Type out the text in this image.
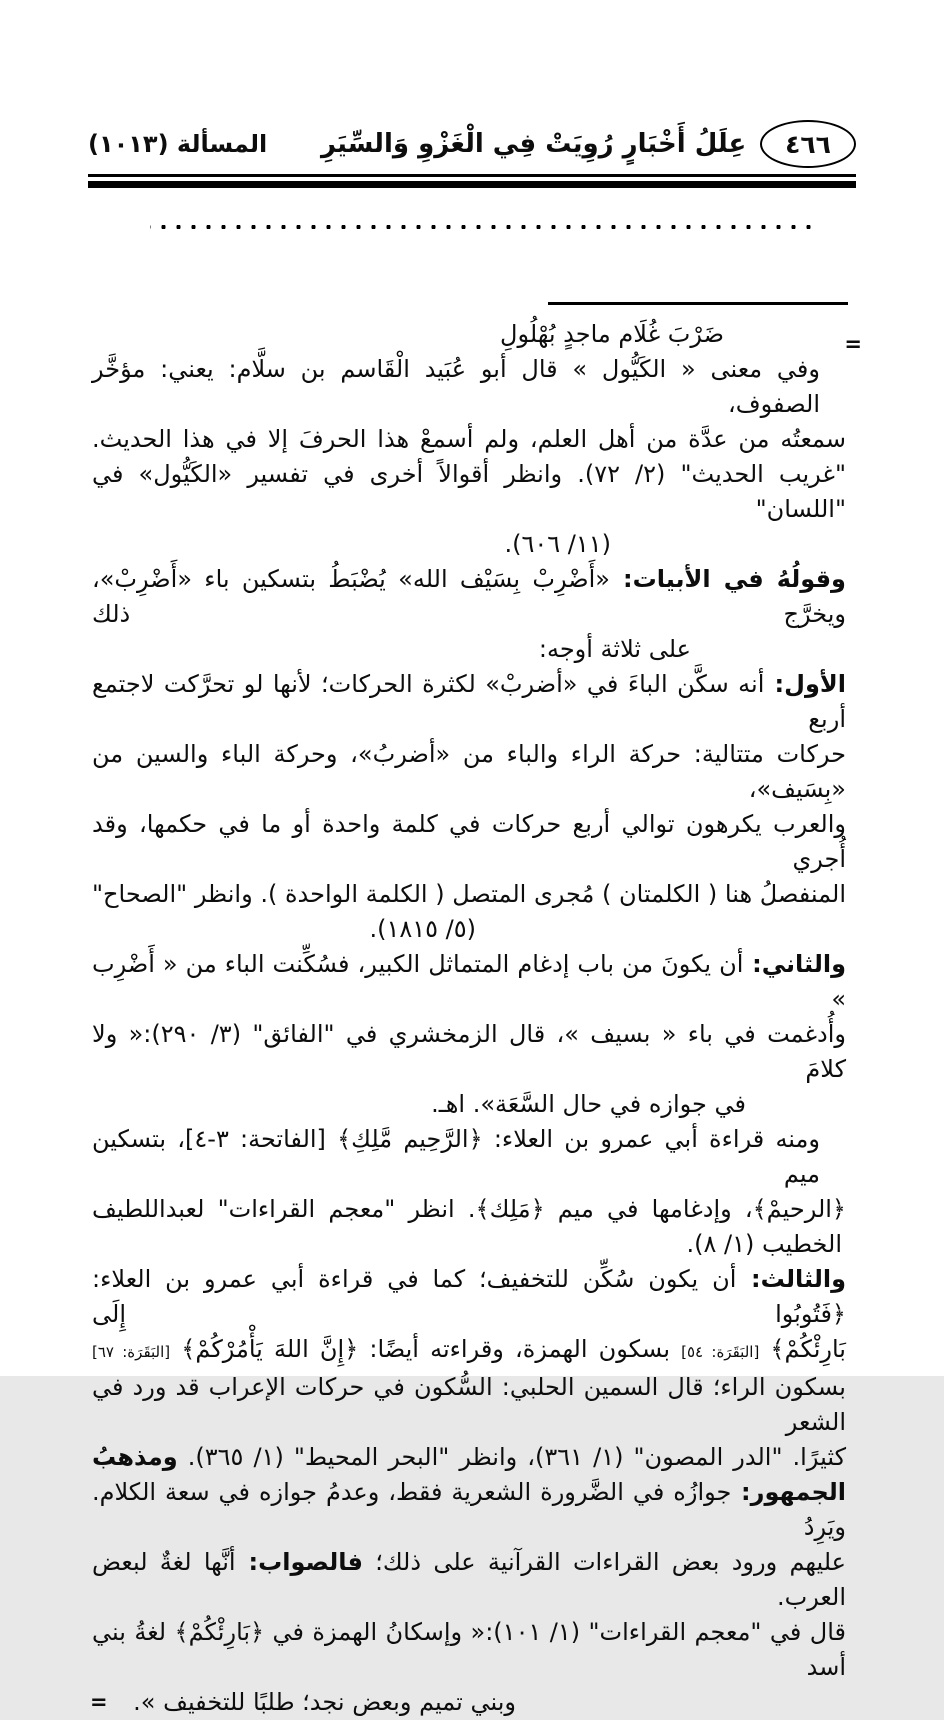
٤٦٦
عِلَلُ أَخْبَارٍ رُوِيَتْ فِي الْغَزْوِ وَالسِّيَرِ
المسألة (١٠١٣)
=
=
ضَرْبَ غُلَام ماجدٍ بُهْلُولِ
وفي معنى « الكَيُّول » قال أبو عُبَيد الْقَاسم بن سلَّام: يعني: مؤخَّر الصفوف،
سمعتُه من عدَّة من أهل العلم، ولم أسمعْ هذا الحرفَ إلا في هذا الحديث.
"غريب الحديث" (٢/ ٧٢). وانظر أقوالاً أخرى في تفسير «الكَيُّول» في "اللسان"
(١١/ ٦٠٦).
وقولُهُ في الأبيات: «أَضْرِبْ بِسَيْف الله» يُضْبَطُ بتسكين باء «أَضْرِبْ»، ويخرَّج ذلك
على ثلاثة أوجه:
الأول: أنه سكَّن الباءَ في «أضربْ» لكثرة الحركات؛ لأنها لو تحرَّكت لاجتمع أربع
حركات متتالية: حركة الراء والباء من «أضربُ»، وحركة الباء والسين من «بِسَيف»،
والعرب يكرهون توالي أربع حركات في كلمة واحدة أو ما في حكمها، وقد أُجري
المنفصلُ هنا ( الكلمتان ) مُجرى المتصل ( الكلمة الواحدة ). وانظر "الصحاح"
(٥/ ١٨١٥).
والثاني: أن يكونَ من باب إدغام المتماثل الكبير، فسُكِّنت الباء من « أَضْرِب »
وأُدغمت في باء « بسيف »، قال الزمخشري في "الفائق" (٣/ ٢٩٠):« ولا كلامَ
في جوازه في حال السَّعَة». اهـ.
ومنه قراءة أبي عمرو بن العلاء: ﴿الرَّحِيم مَّلِكِ﴾ [الفاتحة: ٣-٤]، بتسكين ميم
﴿الرحيمْ﴾، وإدغامها في ميم ﴿مَلِك﴾. انظر "معجم القراءات" لعبداللطيف
الخطيب (١/ ٨).
والثالث: أن يكون سُكِّن للتخفيف؛ كما في قراءة أبي عمرو بن العلاء: ﴿فَتُوبُوا إِلَى
بَارِئْكُمْ﴾ [البَقَرَة: ٥٤] بسكون الهمزة، وقراءته أيضًا: ﴿إِنَّ اللهَ يَأْمُرْكُمْ﴾ [البَقَرَة: ٦٧]
بسكون الراء؛ قال السمين الحلبي: السُّكون في حركات الإعراب قد ورد في الشعر
كثيرًا. "الدر المصون" (١/ ٣٦١)، وانظر "البحر المحيط" (١/ ٣٦٥). ومذهبُ
الجمهور: جوازُه في الضَّرورة الشعرية فقط، وعدمُ جوازه في سعة الكلام. ويَرِدُ
عليهم ورود بعض القراءات القرآنية على ذلك؛ فالصواب: أنَّها لغةٌ لبعض العرب.
قال في "معجم القراءات" (١/ ١٠١):« وإسكانُ الهمزة في ﴿بَارِئْكُمْ﴾ لغةُ بني أسد
وبني تميم وبعض نجد؛ طلبًا للتخفيف ».
